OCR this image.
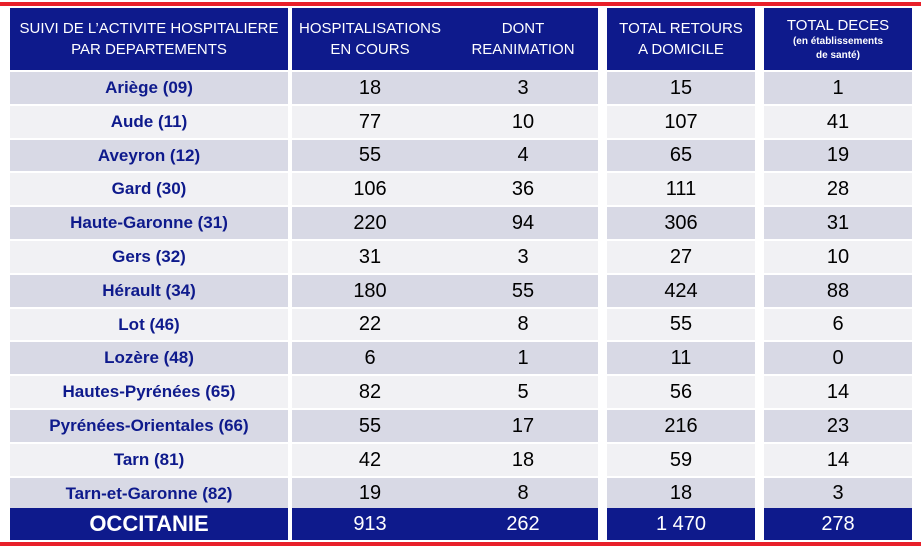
SUIVI DE L’ACTIVITE HOSPITALIERE
PAR DEPARTEMENTS
HOSPITALISATIONS
EN COURS
DONT
REANIMATION
TOTAL RETOURS
A DOMICILE
TOTAL DECES
(en établissements
de santé)
Ariège (09)	18	3	15	1
Aude (11)	77	10	107	41
Aveyron (12)	55	4	65	19
Gard (30)	106	36	111	28
Haute-Garonne (31)	220	94	306	31
Gers (32)	31	3	27	10
Hérault (34)	180	55	424	88
Lot (46)	22	8	55	6
Lozère (48)	6	1	11	0
Hautes-Pyrénées (65)	82	5	56	14
Pyrénées-Orientales (66)	55	17	216	23
Tarn (81)	42	18	59	14
Tarn-et-Garonne (82)	19	8	18	3
OCCITANIE	913	262	1 470	278
